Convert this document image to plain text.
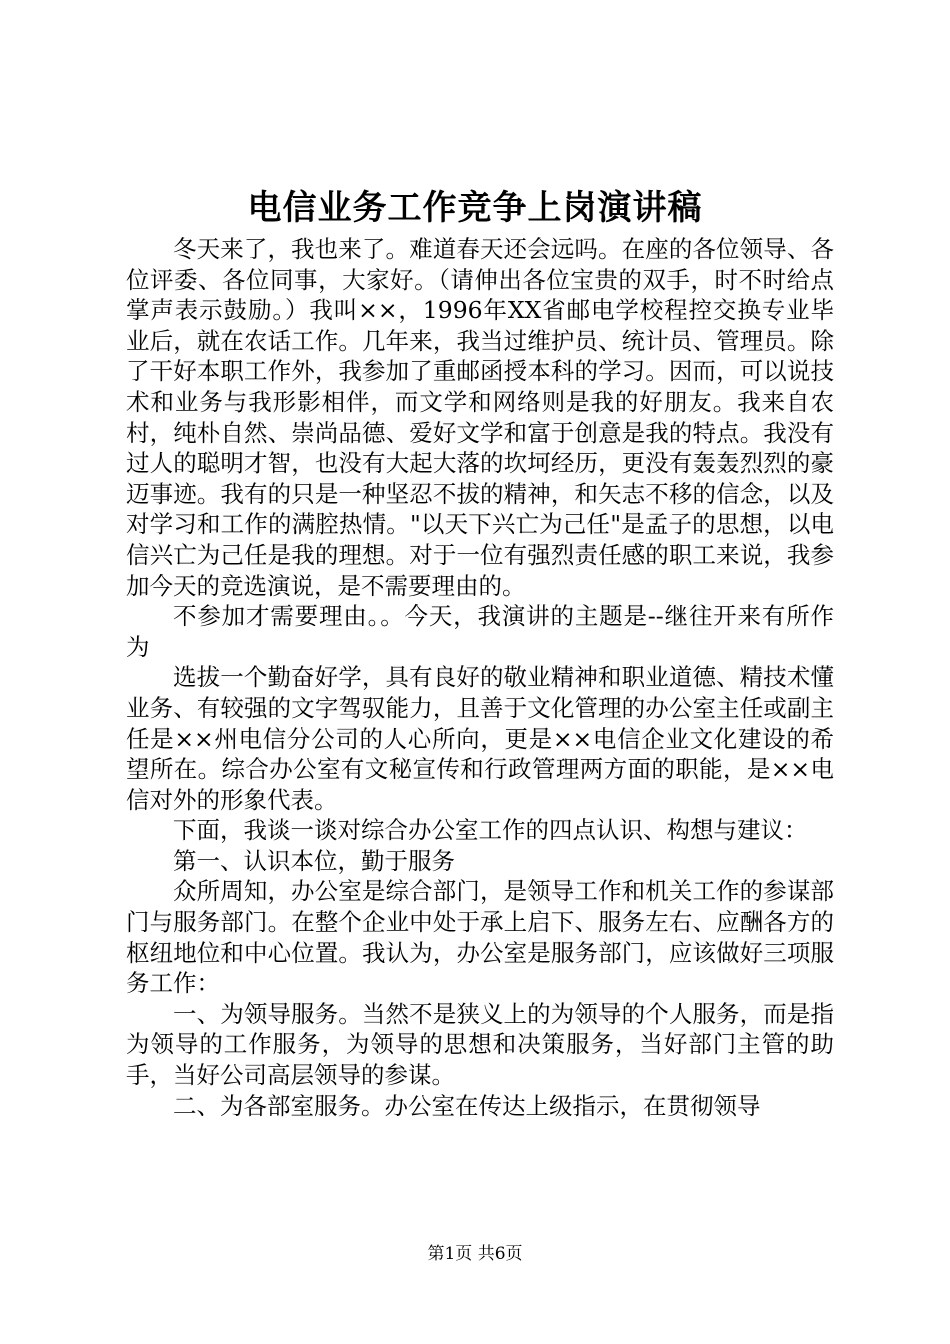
电信业务工作竞争上岗演讲稿

冬天来了，我也来了。难道春天还会远吗。在座的各位领导、各位评委、各位同事，大家好。（请伸出各位宝贵的双手，时不时给点掌声表示鼓励。）我叫××，1996年XX省邮电学校程控交换专业毕业后，就在农话工作。几年来，我当过维护员、统计员、管理员。除了干好本职工作外，我参加了重邮函授本科的学习。因而，可以说技术和业务与我形影相伴，而文学和网络则是我的好朋友。我来自农村，纯朴自然、崇尚品德、爱好文学和富于创意是我的特点。我没有过人的聪明才智，也没有大起大落的坎坷经历，更没有轰轰烈烈的豪迈事迹。我有的只是一种坚忍不拔的精神，和矢志不移的信念，以及对学习和工作的满腔热情。"以天下兴亡为己任"是孟子的思想，以电信兴亡为己任是我的理想。对于一位有强烈责任感的职工来说，我参加今天的竞选演说，是不需要理由的。

不参加才需要理由。。今天，我演讲的主题是--继往开来有所作为

选拔一个勤奋好学，具有良好的敬业精神和职业道德、精技术懂业务、有较强的文字驾驭能力，且善于文化管理的办公室主任或副主任是××州电信分公司的人心所向，更是××电信企业文化建设的希望所在。综合办公室有文秘宣传和行政管理两方面的职能，是××电信对外的形象代表。

下面，我谈一谈对综合办公室工作的四点认识、构想与建议：

第一、认识本位，勤于服务

众所周知，办公室是综合部门，是领导工作和机关工作的参谋部门与服务部门。在整个企业中处于承上启下、服务左右、应酬各方的枢纽地位和中心位置。我认为，办公室是服务部门，应该做好三项服务工作：

一、为领导服务。当然不是狭义上的为领导的个人服务，而是指为领导的工作服务，为领导的思想和决策服务，当好部门主管的助手，当好公司高层领导的参谋。

二、为各部室服务。办公室在传达上级指示，在贯彻领导

第1页 共6页
